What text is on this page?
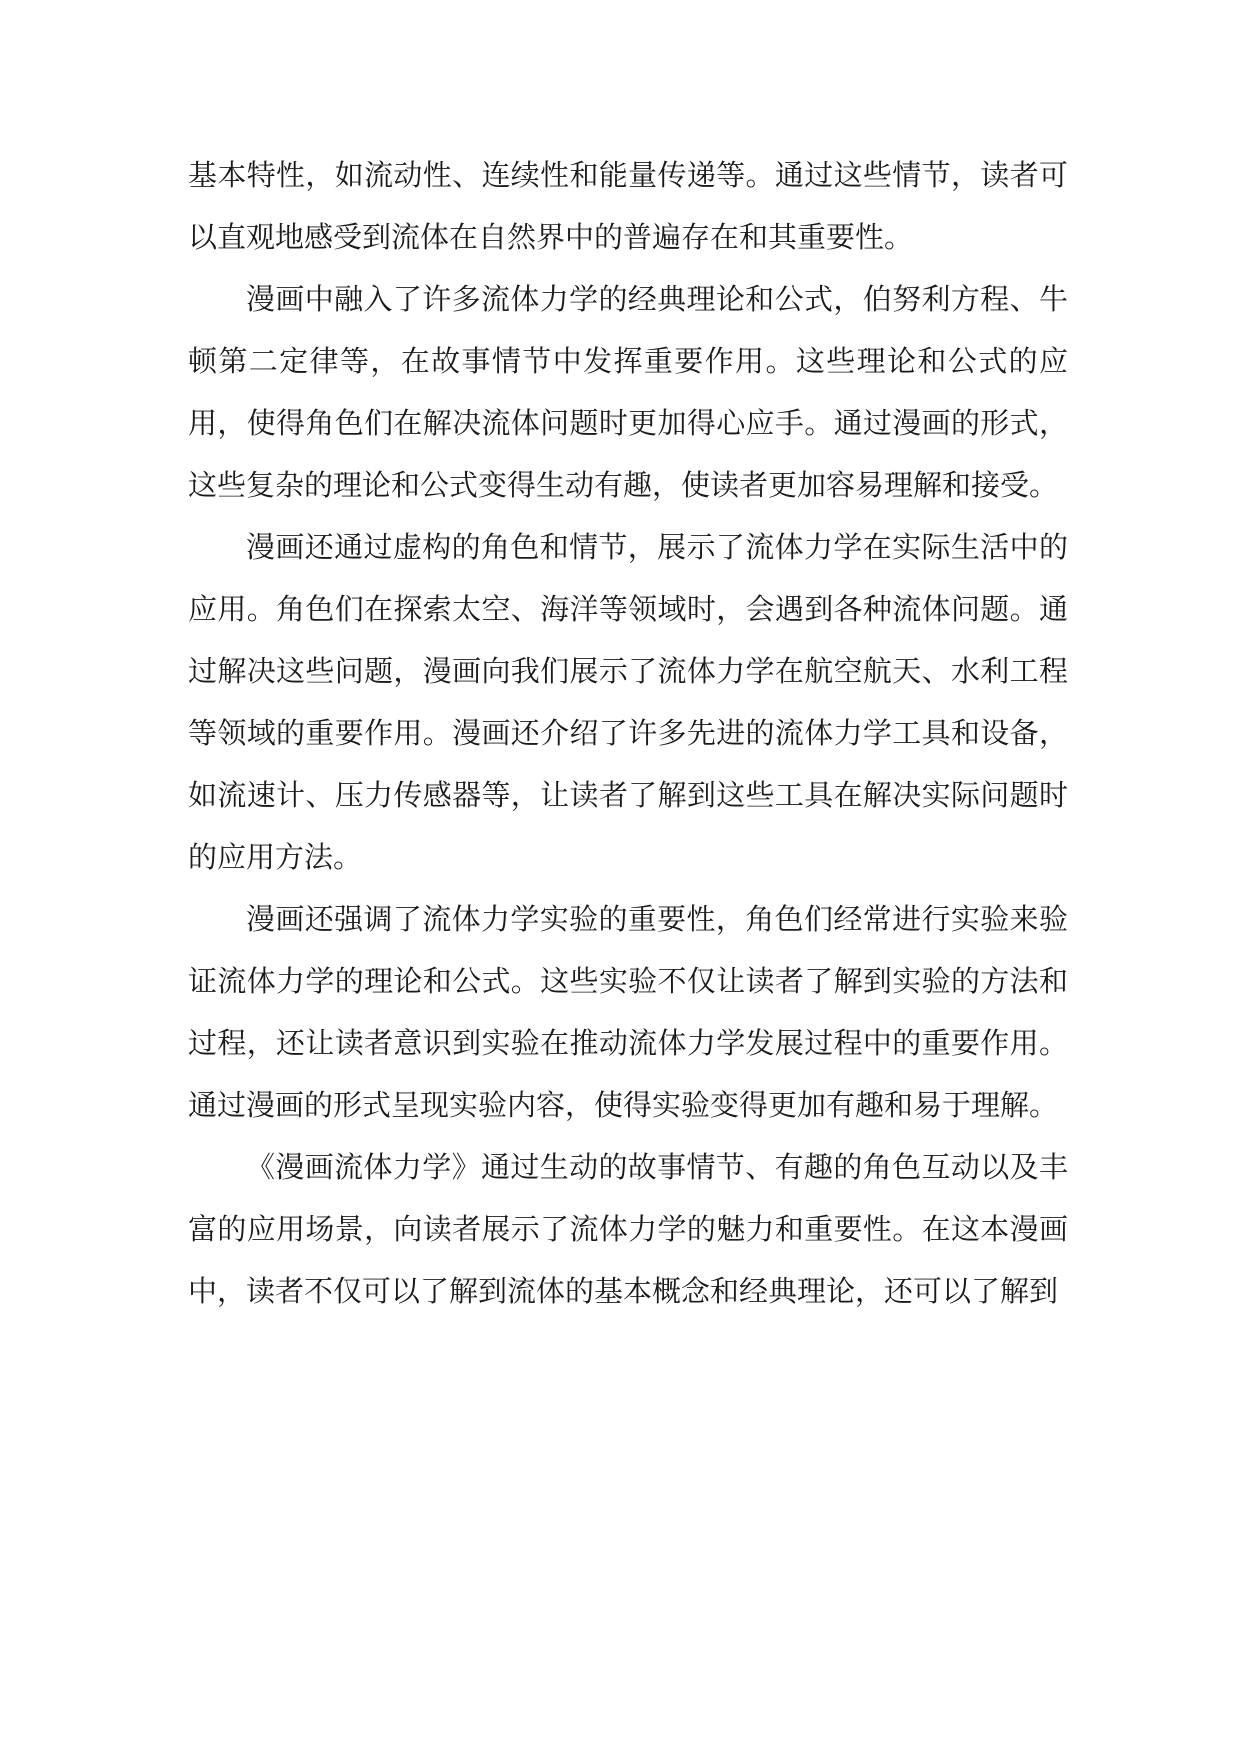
基本特性，如流动性、连续性和能量传递等。通过这些情节，读者可以直观地感受到流体在自然界中的普遍存在和其重要性。

漫画中融入了许多流体力学的经典理论和公式，伯努利方程、牛顿第二定律等，在故事情节中发挥重要作用。这些理论和公式的应用，使得角色们在解决流体问题时更加得心应手。通过漫画的形式，这些复杂的理论和公式变得生动有趣，使读者更加容易理解和接受。

漫画还通过虚构的角色和情节，展示了流体力学在实际生活中的应用。角色们在探索太空、海洋等领域时，会遇到各种流体问题。通过解决这些问题，漫画向我们展示了流体力学在航空航天、水利工程等领域的重要作用。漫画还介绍了许多先进的流体力学工具和设备，如流速计、压力传感器等，让读者了解到这些工具在解决实际问题时的应用方法。

漫画还强调了流体力学实验的重要性，角色们经常进行实验来验证流体力学的理论和公式。这些实验不仅让读者了解到实验的方法和过程，还让读者意识到实验在推动流体力学发展过程中的重要作用。通过漫画的形式呈现实验内容，使得实验变得更加有趣和易于理解。

《漫画流体力学》通过生动的故事情节、有趣的角色互动以及丰富的应用场景，向读者展示了流体力学的魅力和重要性。在这本漫画中，读者不仅可以了解到流体的基本概念和经典理论，还可以了解到
